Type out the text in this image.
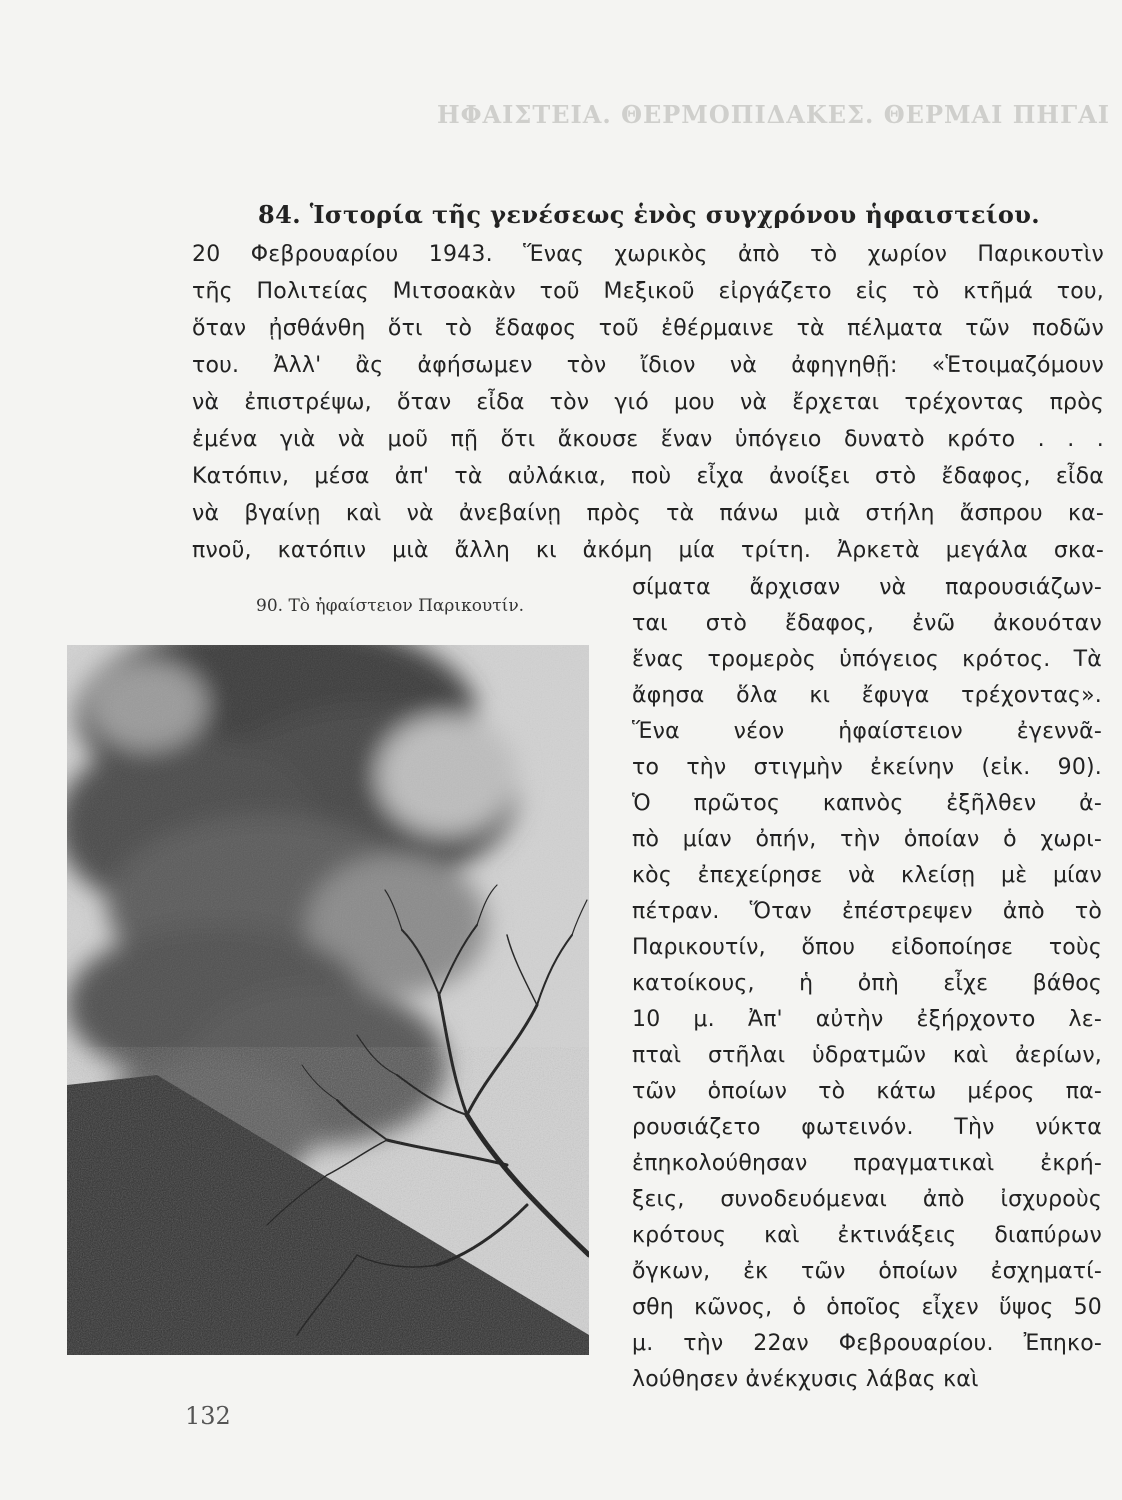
ΗΦΑΙΣΤΕΙΑ. ΘΕΡΜΟΠΙΔΑΚΕΣ. ΘΕΡΜΑΙ ΠΗΓΑΙ
84. Ἱστορία τῆς γενέσεως ἑνὸς συγχρόνου ἡφαιστείου.
20 Φεβρουαρίου 1943. Ἕνας χωρικὸς ἀπὸ τὸ χωρίον Παρικουτὶν
τῆς Πολιτείας Μιτσοακὰν τοῦ Μεξικοῦ εἰργάζετο εἰς τὸ κτῆμά του,
ὅταν ᾐσθάνθη ὅτι τὸ ἔδαφος τοῦ ἐθέρμαινε τὰ πέλματα τῶν ποδῶν
του. Ἀλλ' ἂς ἀφήσωμεν τὸν ἴδιον νὰ ἀφηγηθῇ: «Ἑτοιμαζόμουν
νὰ ἐπιστρέψω, ὅταν εἶδα τὸν γιό μου νὰ ἔρχεται τρέχοντας πρὸς
ἐμένα γιὰ νὰ μοῦ πῇ ὅτι ἄκουσε ἕναν ὑπόγειο δυνατὸ κρότο . . .
Κατόπιν, μέσα ἀπ' τὰ αὐλάκια, ποὺ εἶχα ἀνοίξει στὸ ἔδαφος, εἶδα
νὰ βγαίνῃ καὶ νὰ ἀνεβαίνῃ πρὸς τὰ πάνω μιὰ στήλη ἄσπρου κα-
πνοῦ, κατόπιν μιὰ ἄλλη κι ἀκόμη μία τρίτη. Ἀρκετὰ μεγάλα σκα-
σίματα ἄρχισαν νὰ παρουσιάζων-
ται στὸ ἔδαφος, ἐνῶ ἀκουόταν
ἕνας τρομερὸς ὑπόγειος κρότος. Τὰ
ἄφησα ὅλα κι ἔφυγα τρέχοντας».
Ἕνα νέον ἡφαίστειον ἐγεννᾶ-
το τὴν στιγμὴν ἐκείνην (εἰκ. 90).
Ὁ πρῶτος καπνὸς ἐξῆλθεν ἀ-
πὸ μίαν ὀπήν, τὴν ὁποίαν ὁ χωρι-
κὸς ἐπεχείρησε νὰ κλείσῃ μὲ μίαν
πέτραν. Ὅταν ἐπέστρεψεν ἀπὸ τὸ
Παρικουτίν, ὅπου εἰδοποίησε τοὺς
κατοίκους, ἡ ὀπὴ εἶχε βάθος
10 μ. Ἀπ' αὐτὴν ἐξήρχοντο λε-
πταὶ στῆλαι ὑδρατμῶν καὶ ἀερίων,
τῶν ὁποίων τὸ κάτω μέρος πα-
ρουσιάζετο φωτεινόν. Τὴν νύκτα
ἐπηκολούθησαν πραγματικαὶ ἐκρή-
ξεις, συνοδευόμεναι ἀπὸ ἰσχυροὺς
κρότους καὶ ἐκτινάξεις διαπύρων
ὄγκων, ἐκ τῶν ὁποίων ἐσχηματί-
σθη κῶνος, ὁ ὁποῖος εἶχεν ὕψος 50
μ. τὴν 22αν Φεβρουαρίου. Ἐπηκο-
λούθησεν ἀνέκχυσις λάβας καὶ
90. Τὸ ἡφαίστειον Παρικουτίν.
132
